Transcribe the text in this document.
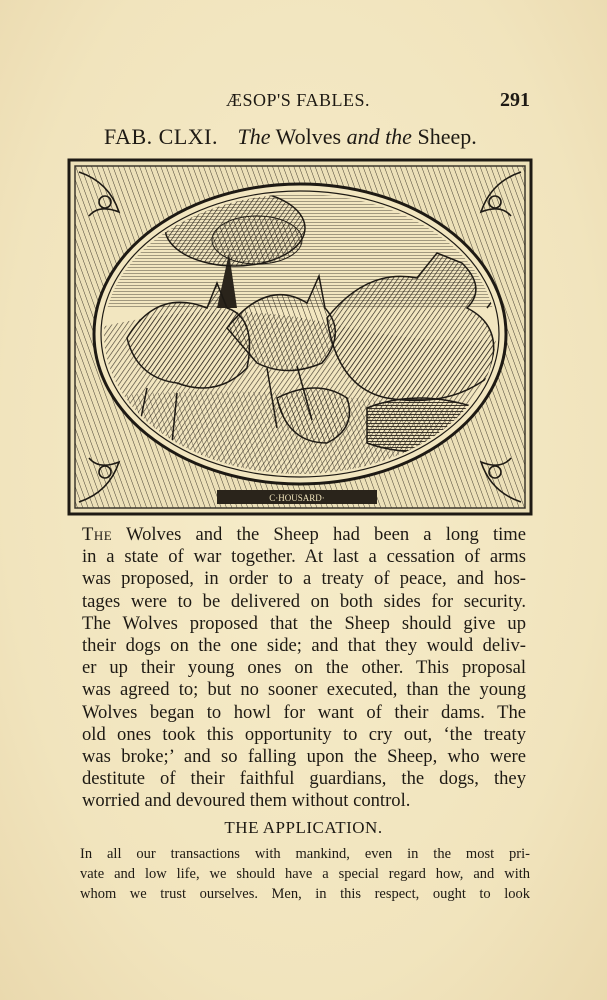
ÆSOP'S FABLES.	291
FAB. CLXI. The Wolves and the Sheep.
C·HOUSARD·
The Wolves and the Sheep had been a long time
in a state of war together. At last a cessation of arms
was proposed, in order to a treaty of peace, and hos-
tages were to be delivered on both sides for security.
The Wolves proposed that the Sheep should give up
their dogs on the one side; and that they would deliv-
er up their young ones on the other. This proposal
was agreed to; but no sooner executed, than the young
Wolves began to howl for want of their dams. The
old ones took this opportunity to cry out, ‘the treaty
was broke;’ and so falling upon the Sheep, who were
destitute of their faithful guardians, the dogs, they
worried and devoured them without control.
THE APPLICATION.
In all our transactions with mankind, even in the most pri-
vate and low life, we should have a special regard how, and with
whom we trust ourselves. Men, in this respect, ought to look
